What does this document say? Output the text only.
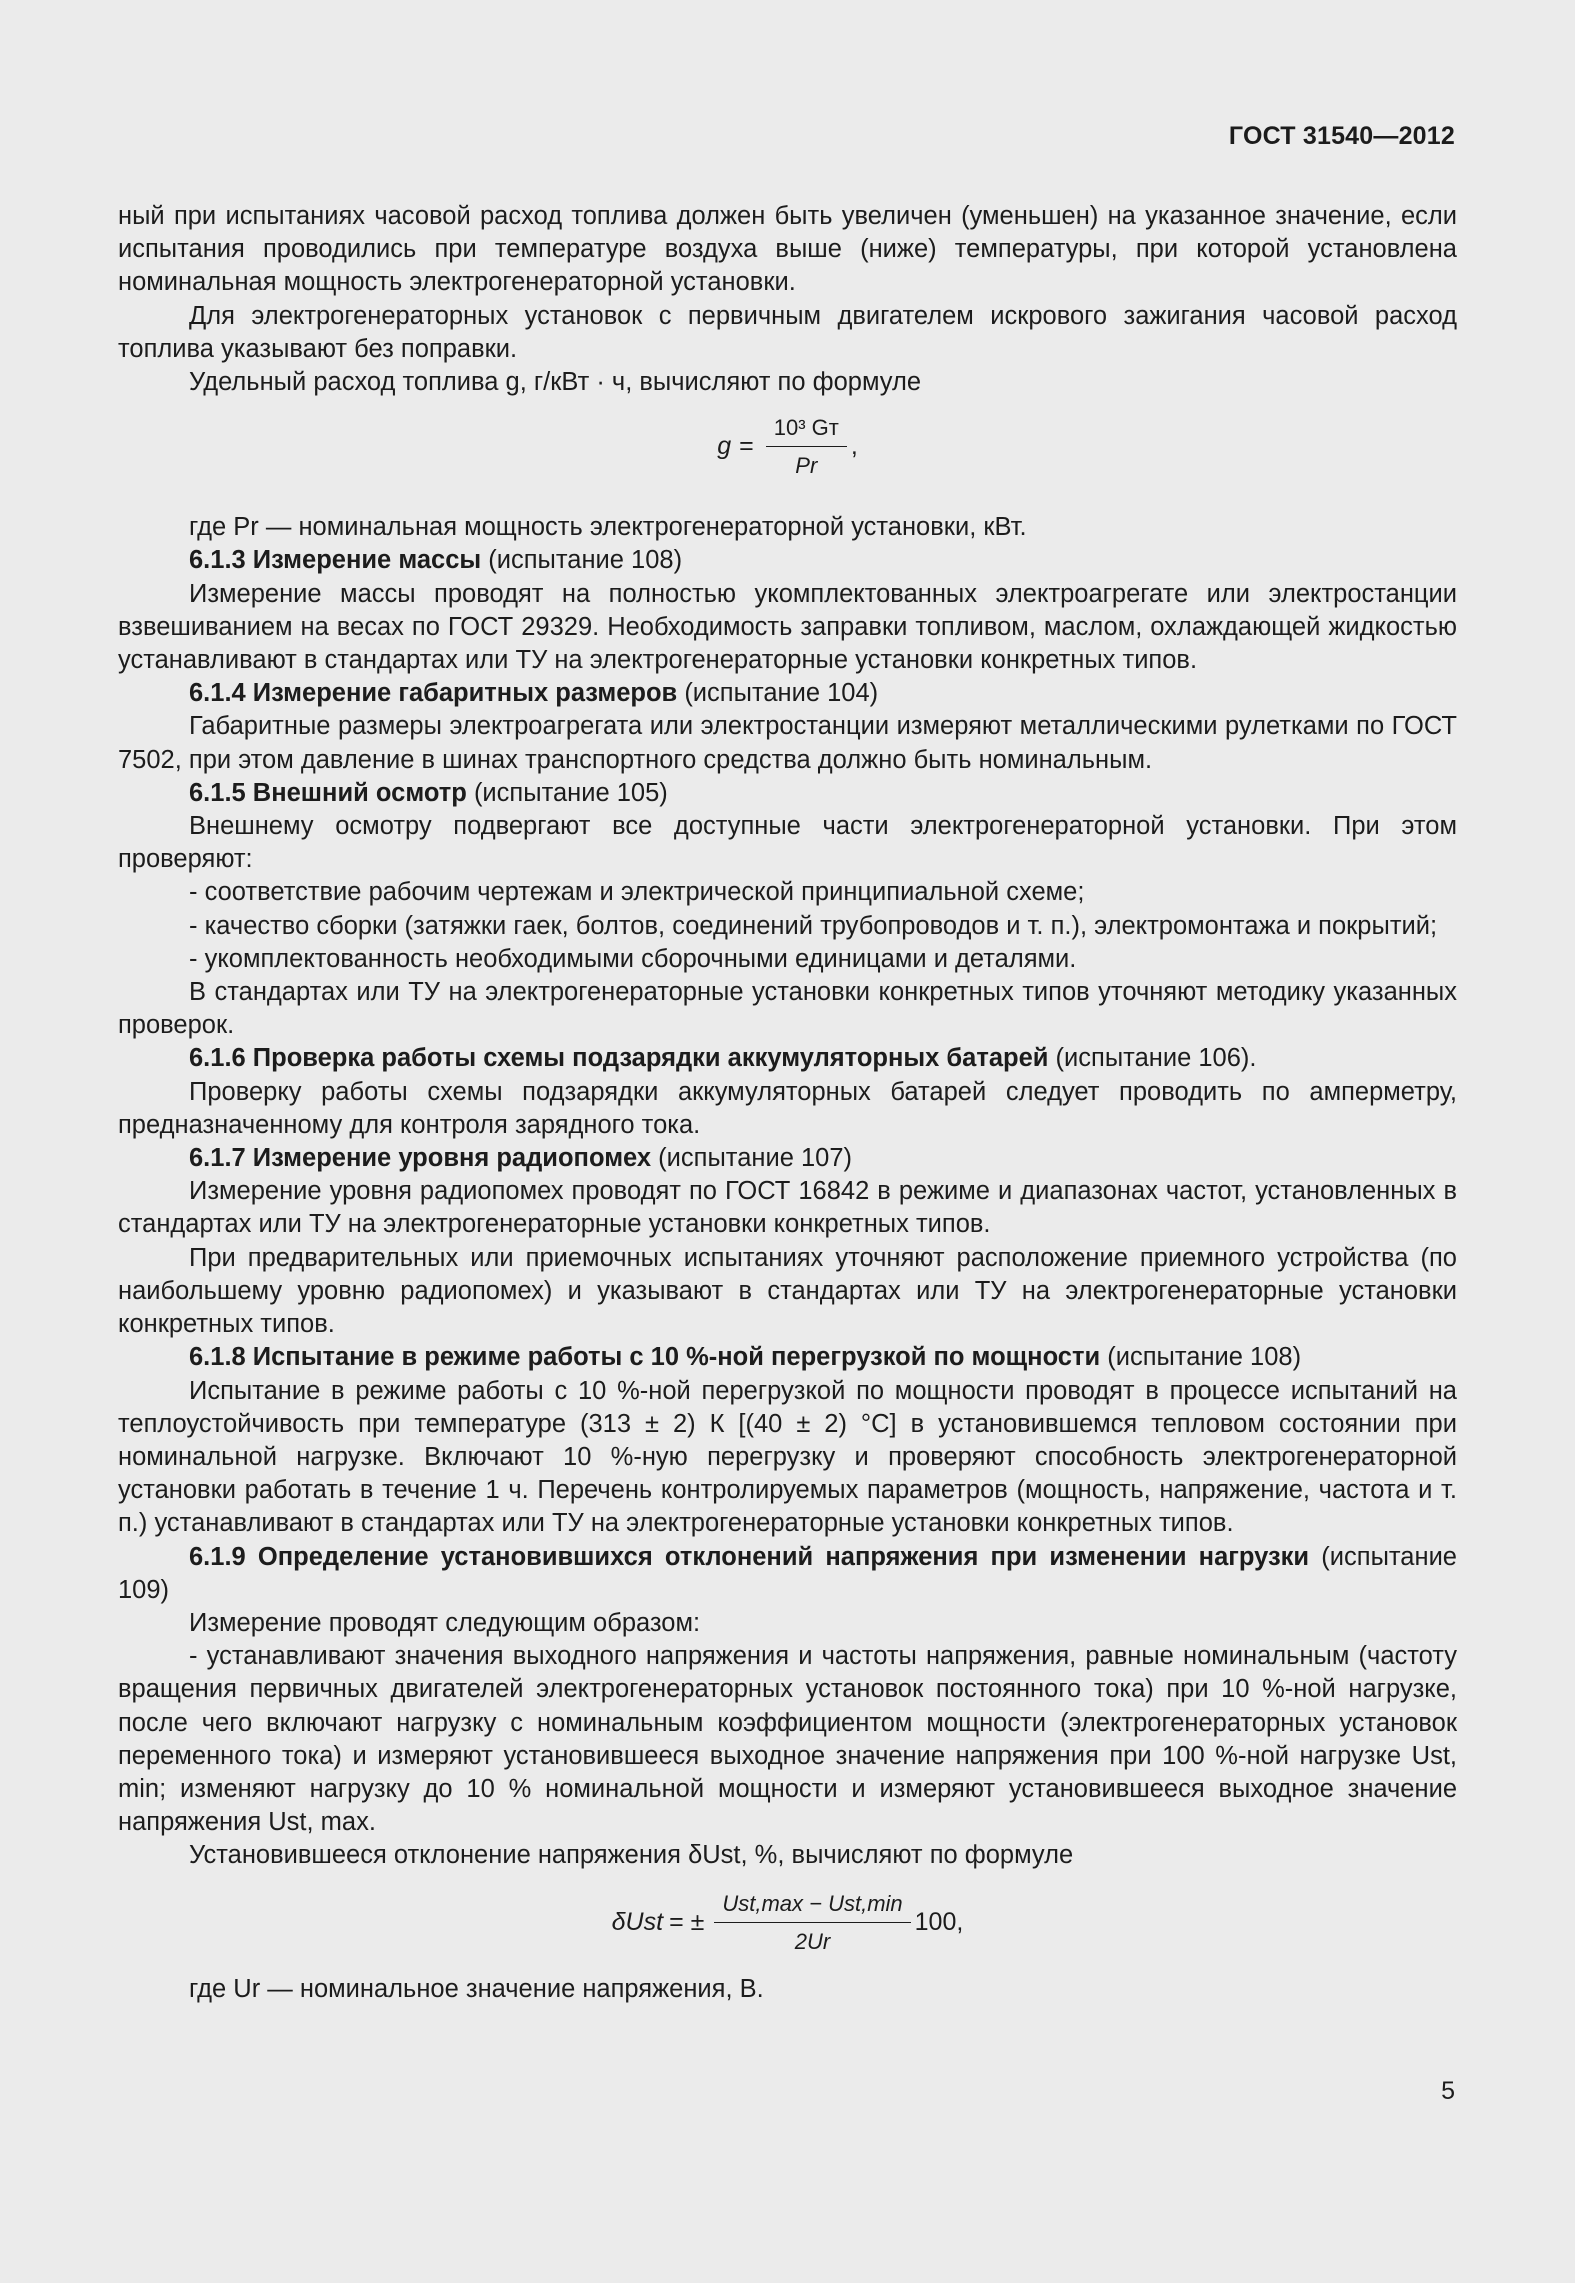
ГОСТ 31540—2012

ный при испытаниях часовой расход топлива должен быть увеличен (уменьшен) на указанное значение, если испытания проводились при температуре воздуха выше (ниже) температуры, при которой установлена номинальная мощность электрогенераторной установки.

Для электрогенераторных установок с первичным двигателем искрового зажигания часовой расход топлива указывают без поправки.

Удельный расход топлива g, г/кВт · ч, вычисляют по формуле

$g = \frac{\text{10³ Gт}}{Pr}$ ,

где Pr — номинальная мощность электрогенераторной установки, кВт.

6.1.3 Измерение массы (испытание 108)

Измерение массы проводят на полностью укомплектованных электроагрегате или электростанции взвешиванием на весах по ГОСТ 29329. Необходимость заправки топливом, маслом, охлаждающей жидкостью устанавливают в стандартах или ТУ на электрогенераторные установки конкретных типов.

6.1.4 Измерение габаритных размеров (испытание 104)

Габаритные размеры электроагрегата или электростанции измеряют металлическими рулетками по ГОСТ 7502, при этом давление в шинах транспортного средства должно быть номинальным.

6.1.5 Внешний осмотр (испытание 105)

Внешнему осмотру подвергают все доступные части электрогенераторной установки. При этом проверяют:

- соответствие рабочим чертежам и электрической принципиальной схеме;

- качество сборки (затяжки гаек, болтов, соединений трубопроводов и т. п.), электромонтажа и покрытий;

- укомплектованность необходимыми сборочными единицами и деталями.

В стандартах или ТУ на электрогенераторные установки конкретных типов уточняют методику указанных проверок.

6.1.6 Проверка работы схемы подзарядки аккумуляторных батарей (испытание 106).

Проверку работы схемы подзарядки аккумуляторных батарей следует проводить по амперметру, предназначенному для контроля зарядного тока.

6.1.7 Измерение уровня радиопомех (испытание 107)

Измерение уровня радиопомех проводят по ГОСТ 16842 в режиме и диапазонах частот, установленных в стандартах или ТУ на электрогенераторные установки конкретных типов.

При предварительных или приемочных испытаниях уточняют расположение приемного устройства (по наибольшему уровню радиопомех) и указывают в стандартах или ТУ на электрогенераторные установки конкретных типов.

6.1.8 Испытание в режиме работы с 10 %-ной перегрузкой по мощности (испытание 108)

Испытание в режиме работы с 10 %-ной перегрузкой по мощности проводят в процессе испытаний на теплоустойчивость при температуре (313 ± 2) К [(40 ± 2) °С] в установившемся тепловом состоянии при номинальной нагрузке. Включают 10 %-ную перегрузку и проверяют способность электрогенераторной установки работать в течение 1 ч. Перечень контролируемых параметров (мощность, напряжение, частота и т. п.) устанавливают в стандартах или ТУ на электрогенераторные установки конкретных типов.

6.1.9 Определение установившихся отклонений напряжения при изменении нагрузки (испытание 109)

Измерение проводят следующим образом:

- устанавливают значения выходного напряжения и частоты напряжения, равные номинальным (частоту вращения первичных двигателей электрогенераторных установок постоянного тока) при 10 %-ной нагрузке, после чего включают нагрузку с номинальным коэффициентом мощности (электрогенераторных установок переменного тока) и измеряют установившееся выходное значение напряжения при 100 %-ной нагрузке Ust, min; изменяют нагрузку до 10 % номинальной мощности и измеряют установившееся выходное значение напряжения Ust, max.

Установившееся отклонение напряжения δUst, %, вычисляют по формуле

δUst = ± $\frac{\text{Ust,max − Ust,min}}{2Ur} 100$,

где Ur — номинальное значение напряжения, В.

5
